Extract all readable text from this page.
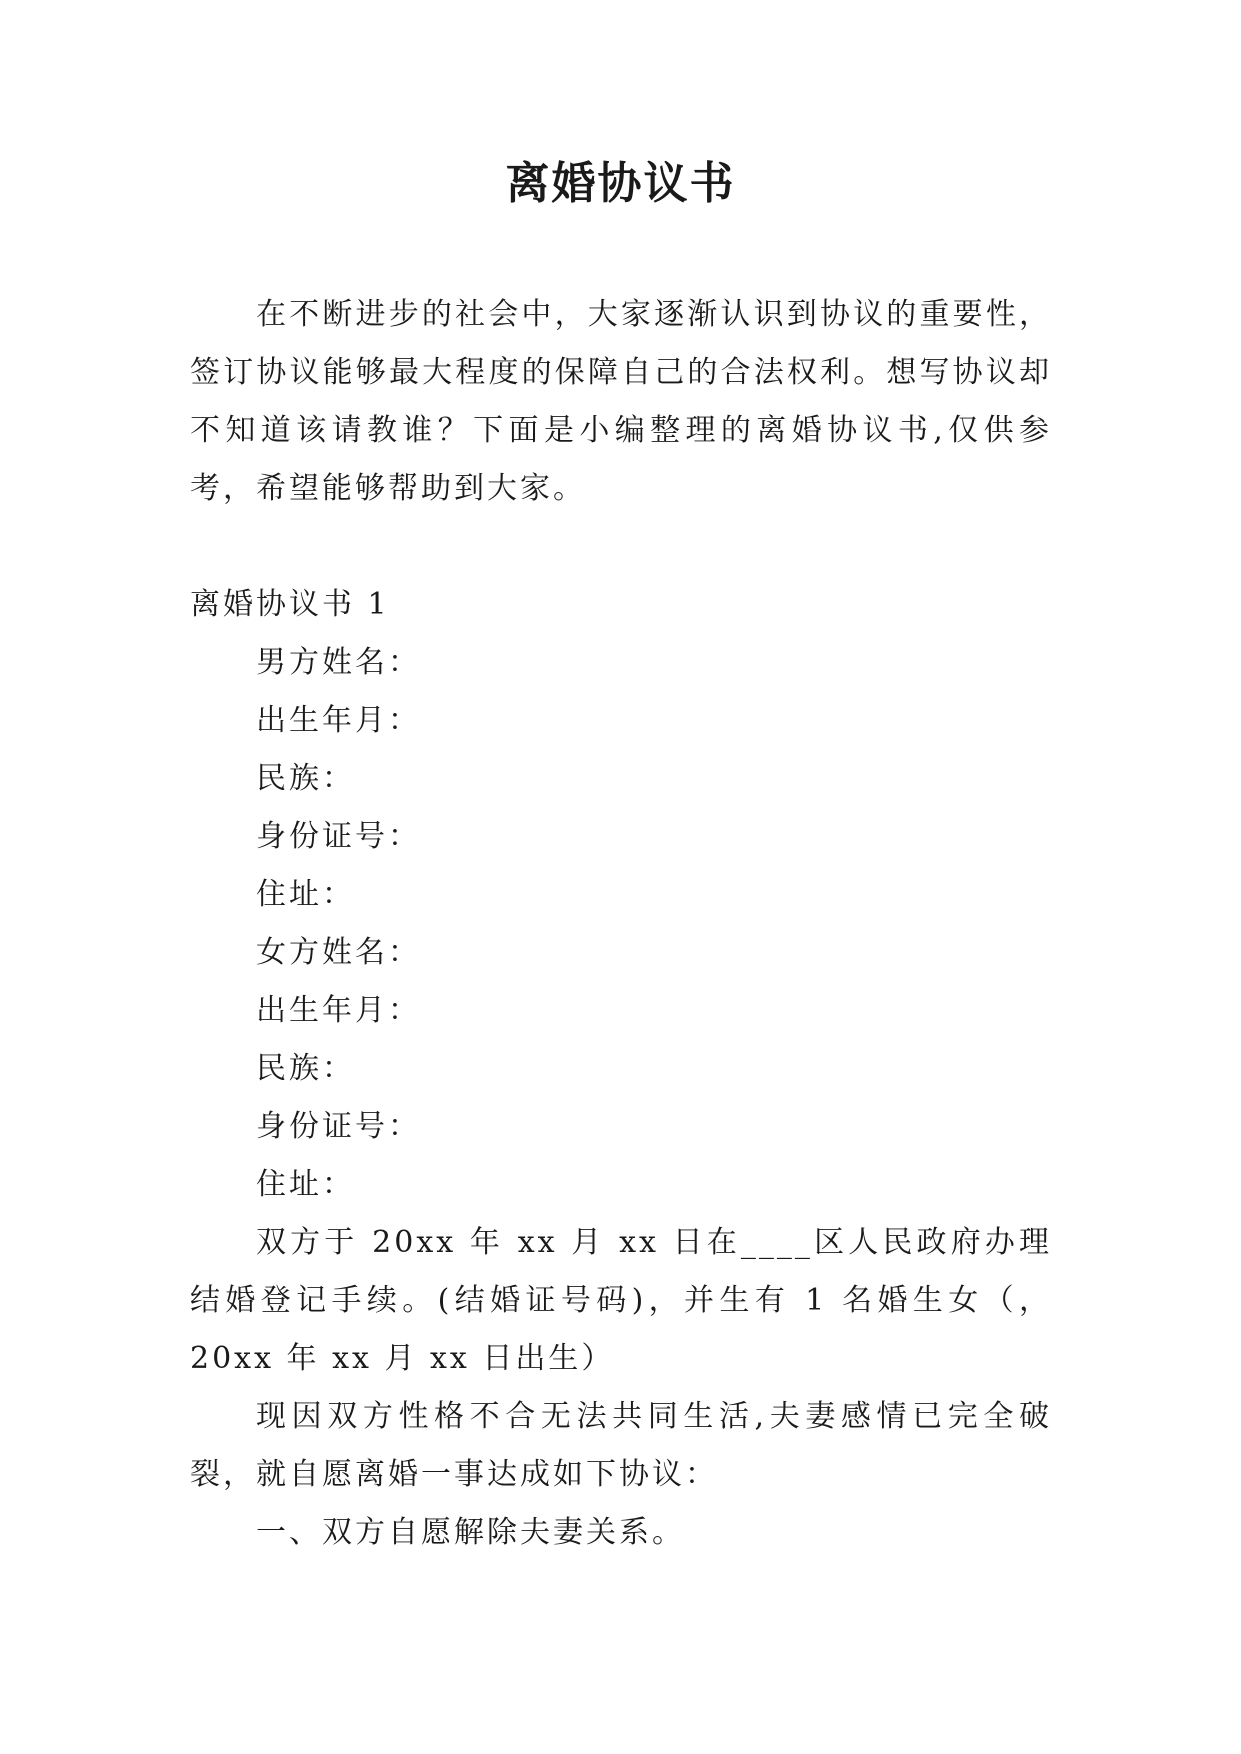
离婚协议书

在不断进步的社会中，大家逐渐认识到协议的重要性，签订协议能够最大程度的保障自己的合法权利。想写协议却不知道该请教谁？下面是小编整理的离婚协议书,仅供参考，希望能够帮助到大家。

离婚协议书 1
男方姓名：
出生年月：
民族：
身份证号：
住址：
女方姓名：
出生年月：
民族：
身份证号：
住址：

双方于 20xx 年 xx 月 xx 日在____区人民政府办理结婚登记手续。(结婚证号码)，并生有 1 名婚生女（，20xx 年 xx 月 xx 日出生）

现因双方性格不合无法共同生活,夫妻感情已完全破裂，就自愿离婚一事达成如下协议：

一、双方自愿解除夫妻关系。
